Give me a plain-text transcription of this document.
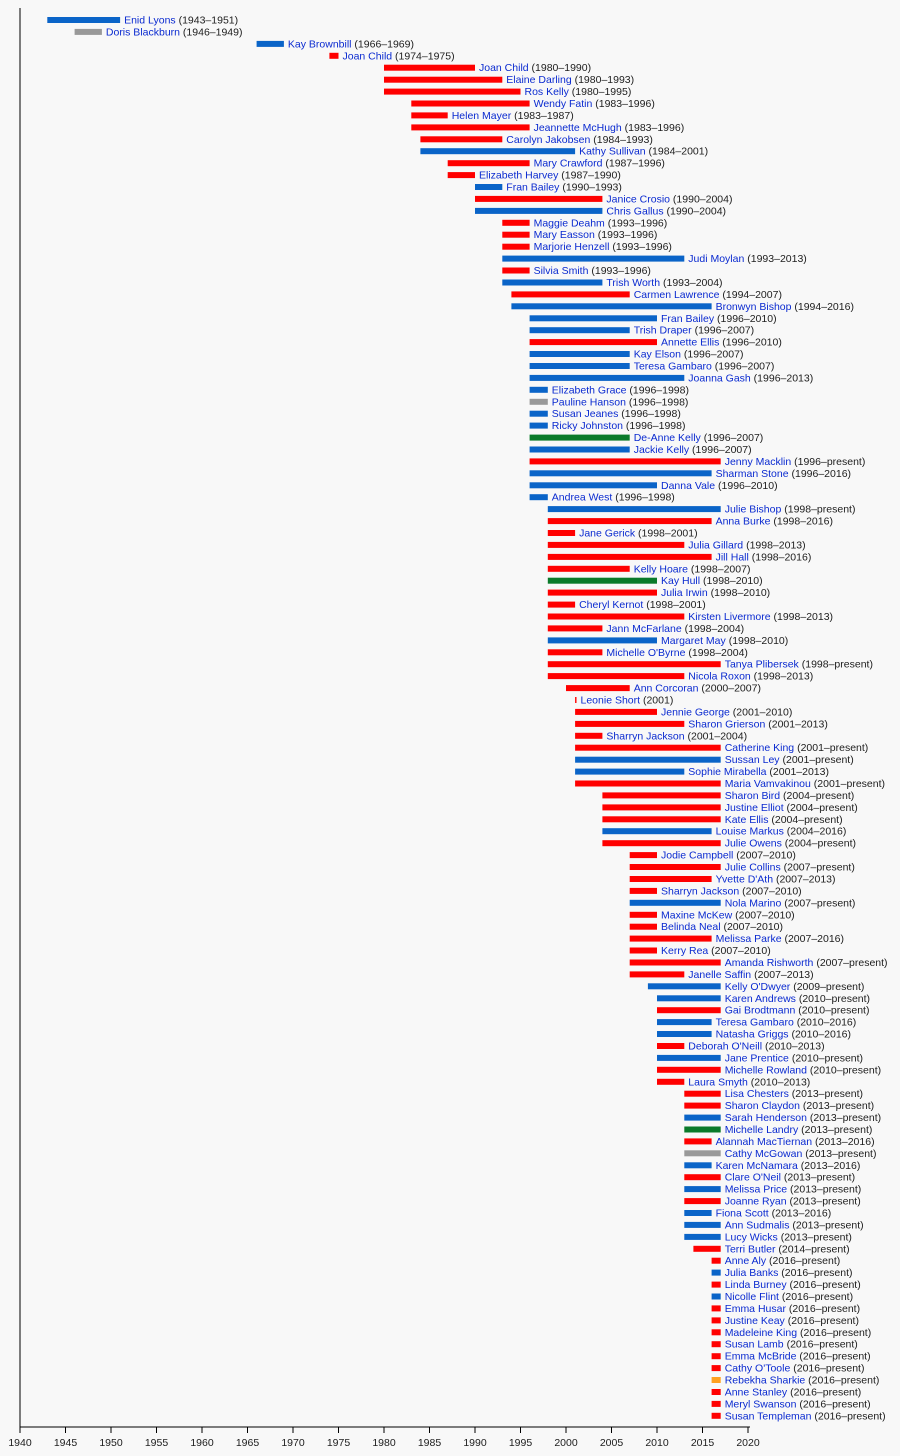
Enid Lyons (1943–1951)
Doris Blackburn (1946–1949)
Kay Brownbill (1966–1969)
Joan Child (1974–1975)
Joan Child (1980–1990)
Elaine Darling (1980–1993)
Ros Kelly (1980–1995)
Wendy Fatin (1983–1996)
Helen Mayer (1983–1987)
Jeannette McHugh (1983–1996)
Carolyn Jakobsen (1984–1993)
Kathy Sullivan (1984–2001)
Mary Crawford (1987–1996)
Elizabeth Harvey (1987–1990)
Fran Bailey (1990–1993)
Janice Crosio (1990–2004)
Chris Gallus (1990–2004)
Maggie Deahm (1993–1996)
Mary Easson (1993–1996)
Marjorie Henzell (1993–1996)
Judi Moylan (1993–2013)
Silvia Smith (1993–1996)
Trish Worth (1993–2004)
Carmen Lawrence (1994–2007)
Bronwyn Bishop (1994–2016)
Fran Bailey (1996–2010)
Trish Draper (1996–2007)
Annette Ellis (1996–2010)
Kay Elson (1996–2007)
Teresa Gambaro (1996–2007)
Joanna Gash (1996–2013)
Elizabeth Grace (1996–1998)
Pauline Hanson (1996–1998)
Susan Jeanes (1996–1998)
Ricky Johnston (1996–1998)
De-Anne Kelly (1996–2007)
Jackie Kelly (1996–2007)
Jenny Macklin (1996–present)
Sharman Stone (1996–2016)
Danna Vale (1996–2010)
Andrea West (1996–1998)
Julie Bishop (1998–present)
Anna Burke (1998–2016)
Jane Gerick (1998–2001)
Julia Gillard (1998–2013)
Jill Hall (1998–2016)
Kelly Hoare (1998–2007)
Kay Hull (1998–2010)
Julia Irwin (1998–2010)
Cheryl Kernot (1998–2001)
Kirsten Livermore (1998–2013)
Jann McFarlane (1998–2004)
Margaret May (1998–2010)
Michelle O'Byrne (1998–2004)
Tanya Plibersek (1998–present)
Nicola Roxon (1998–2013)
Ann Corcoran (2000–2007)
Leonie Short (2001)
Jennie George (2001–2010)
Sharon Grierson (2001–2013)
Sharryn Jackson (2001–2004)
Catherine King (2001–present)
Sussan Ley (2001–present)
Sophie Mirabella (2001–2013)
Maria Vamvakinou (2001–present)
Sharon Bird (2004–present)
Justine Elliot (2004–present)
Kate Ellis (2004–present)
Louise Markus (2004–2016)
Julie Owens (2004–present)
Jodie Campbell (2007–2010)
Julie Collins (2007–present)
Yvette D'Ath (2007–2013)
Sharryn Jackson (2007–2010)
Nola Marino (2007–present)
Maxine McKew (2007–2010)
Belinda Neal (2007–2010)
Melissa Parke (2007–2016)
Kerry Rea (2007–2010)
Amanda Rishworth (2007–present)
Janelle Saffin (2007–2013)
Kelly O'Dwyer (2009–present)
Karen Andrews (2010–present)
Gai Brodtmann (2010–present)
Teresa Gambaro (2010–2016)
Natasha Griggs (2010–2016)
Deborah O'Neill (2010–2013)
Jane Prentice (2010–present)
Michelle Rowland (2010–present)
Laura Smyth (2010–2013)
Lisa Chesters (2013–present)
Sharon Claydon (2013–present)
Sarah Henderson (2013–present)
Michelle Landry (2013–present)
Alannah MacTiernan (2013–2016)
Cathy McGowan (2013–present)
Karen McNamara (2013–2016)
Clare O'Neil (2013–present)
Melissa Price (2013–present)
Joanne Ryan (2013–present)
Fiona Scott (2013–2016)
Ann Sudmalis (2013–present)
Lucy Wicks (2013–present)
Terri Butler (2014–present)
Anne Aly (2016–present)
Julia Banks (2016–present)
Linda Burney (2016–present)
Nicolle Flint (2016–present)
Emma Husar (2016–present)
Justine Keay (2016–present)
Madeleine King (2016–present)
Susan Lamb (2016–present)
Emma McBride (2016–present)
Cathy O'Toole (2016–present)
Rebekha Sharkie (2016–present)
Anne Stanley (2016–present)
Meryl Swanson (2016–present)
Susan Templeman (2016–present)
1940 1945 1950 1955 1960 1965 1970 1975 1980 1985 1990 1995 2000 2005 2010 2015 2020
